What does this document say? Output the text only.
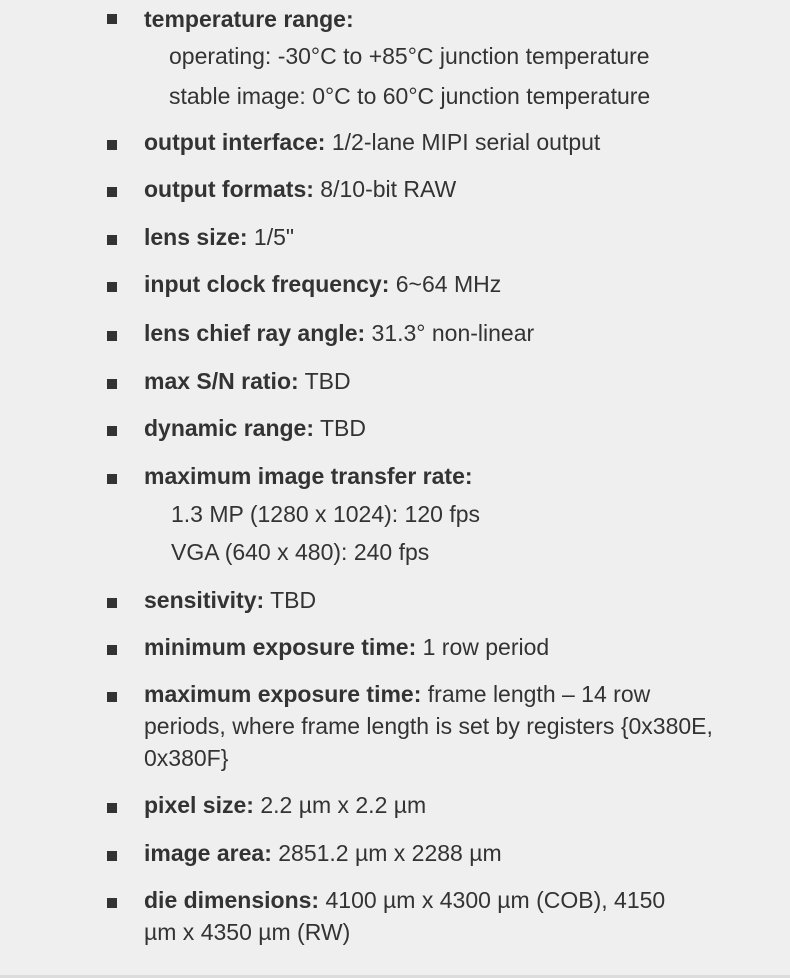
temperature range:
operating: -30°C to +85°C junction temperature
stable image: 0°C to 60°C junction temperature
output interface: 1/2-lane MIPI serial output
output formats: 8/10-bit RAW
lens size: 1/5"
input clock frequency: 6~64 MHz
lens chief ray angle: 31.3° non-linear
max S/N ratio: TBD
dynamic range: TBD
maximum image transfer rate:
1.3 MP (1280 x 1024): 120 fps
VGA (640 x 480): 240 fps
sensitivity: TBD
minimum exposure time: 1 row period
maximum exposure time: frame length – 14 row periods, where frame length is set by registers {0x380E, 0x380F}
pixel size: 2.2 µm x 2.2 µm
image area: 2851.2 µm x 2288 µm
die dimensions: 4100 µm x 4300 µm (COB), 4150 µm x 4350 µm (RW)
